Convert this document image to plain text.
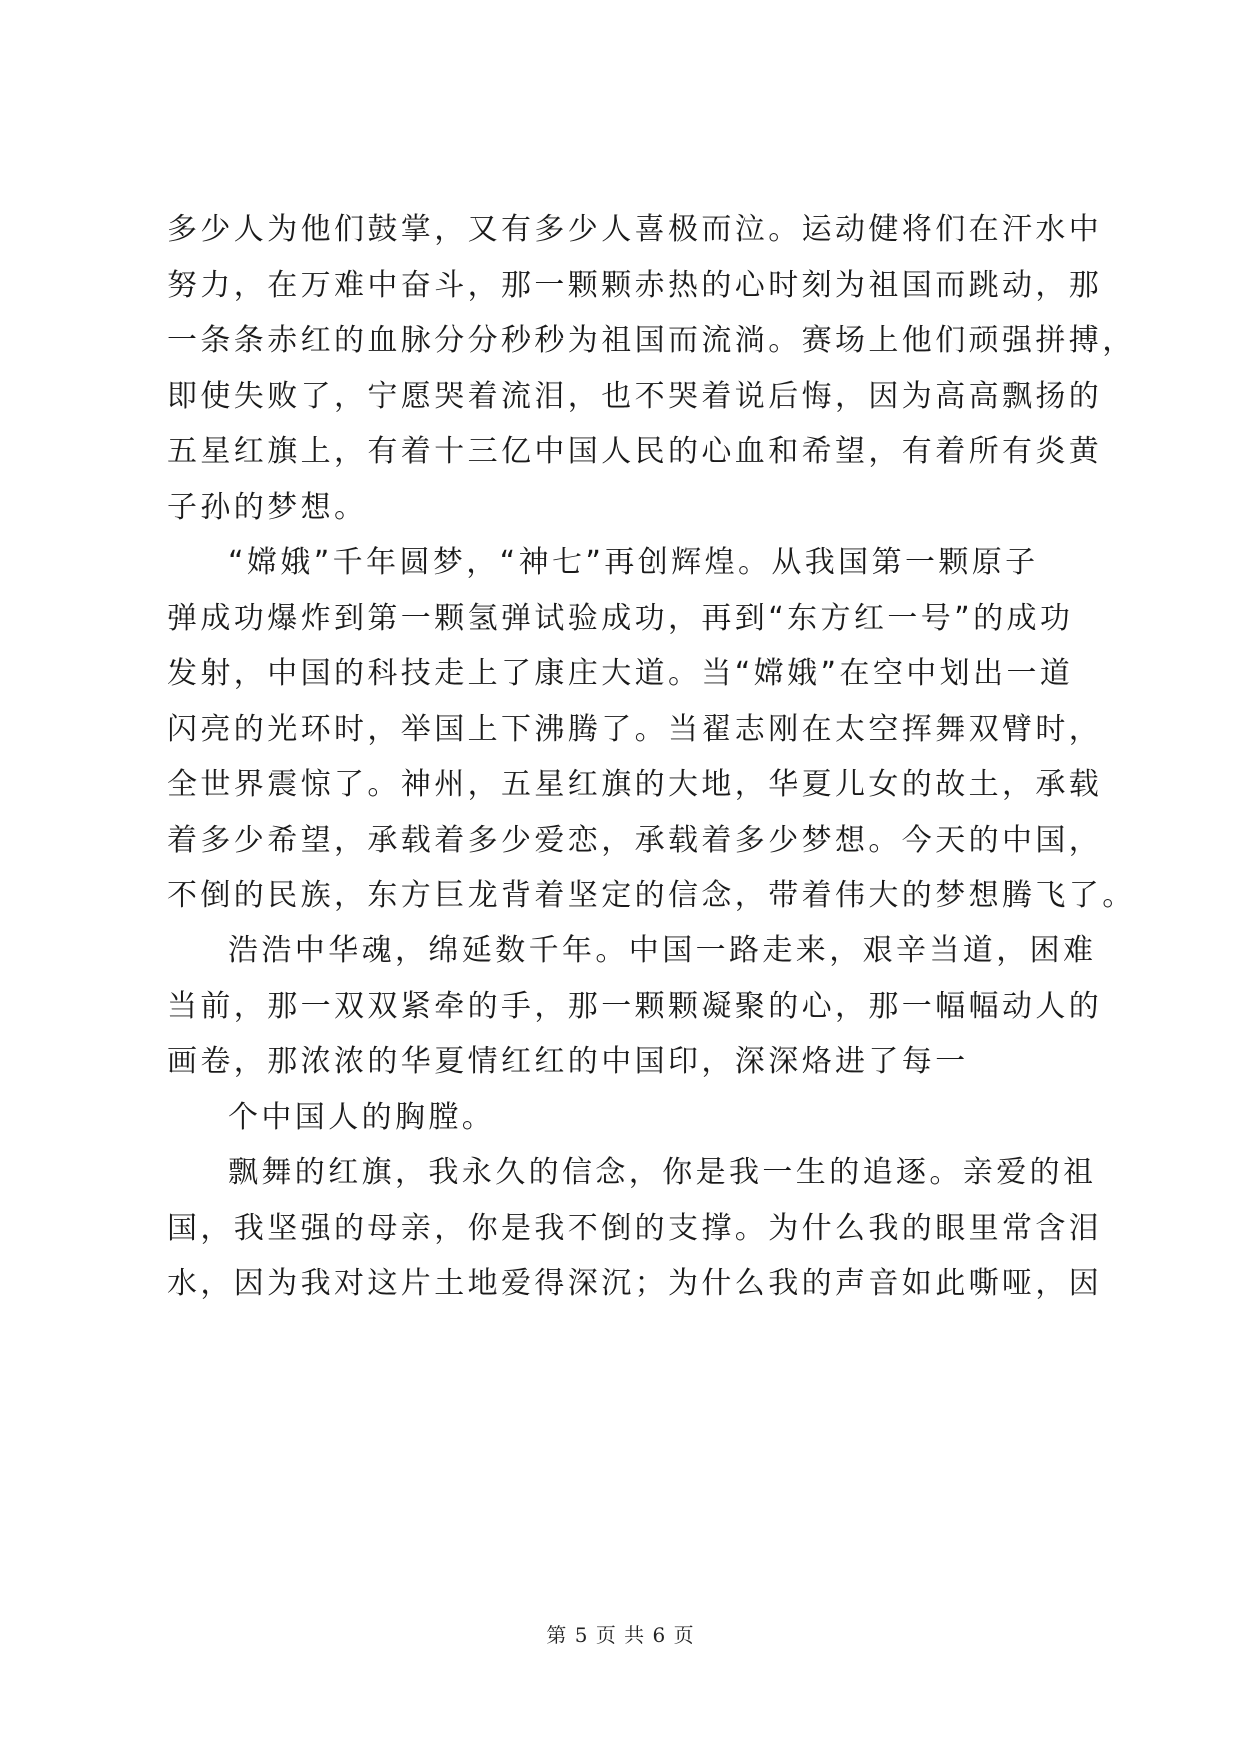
多少人为他们鼓掌，又有多少人喜极而泣。运动健将们在汗水中
努力，在万难中奋斗，那一颗颗赤热的心时刻为祖国而跳动，那
一条条赤红的血脉分分秒秒为祖国而流淌。赛场上他们顽强拼搏，
即使失败了，宁愿哭着流泪，也不哭着说后悔，因为高高飘扬的
五星红旗上，有着十三亿中国人民的心血和希望，有着所有炎黄
子孙的梦想。
“嫦娥”千年圆梦，“神七”再创辉煌。从我国第一颗原子
弹成功爆炸到第一颗氢弹试验成功，再到“东方红一号”的成功
发射，中国的科技走上了康庄大道。当“嫦娥”在空中划出一道
闪亮的光环时，举国上下沸腾了。当翟志刚在太空挥舞双臂时，
全世界震惊了。神州，五星红旗的大地，华夏儿女的故土，承载
着多少希望，承载着多少爱恋，承载着多少梦想。今天的中国，
不倒的民族，东方巨龙背着坚定的信念，带着伟大的梦想腾飞了。
浩浩中华魂，绵延数千年。中国一路走来，艰辛当道，困难
当前，那一双双紧牵的手，那一颗颗凝聚的心，那一幅幅动人的
画卷，那浓浓的华夏情红红的中国印，深深烙进了每一
个中国人的胸膛。
飘舞的红旗，我永久的信念，你是我一生的追逐。亲爱的祖
国，我坚强的母亲，你是我不倒的支撑。为什么我的眼里常含泪
水，因为我对这片土地爱得深沉；为什么我的声音如此嘶哑，因
第 5 页 共 6 页
